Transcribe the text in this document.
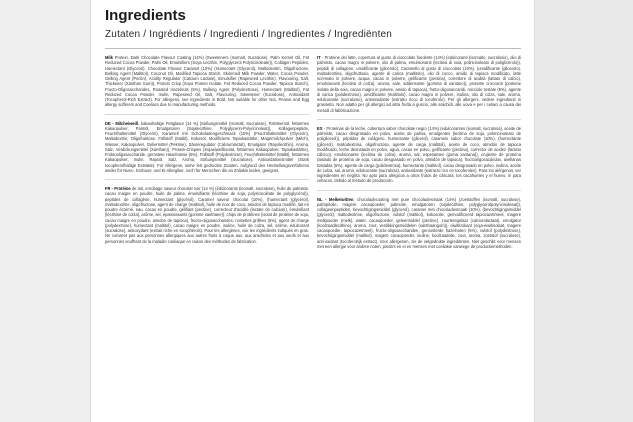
Ingredients
Zutaten / Ingrédients / Ingredienti / Ingredientes / Ingrediënten

Milk Protein, Dark Chocolate Flavour Coating (14%) (Sweeteners (Isomalt, Sucralose), Palm Kernel Oil, Fat Reduced Cocoa Powder, Palm Oil, Emulsifiers (Soya Lecithin, Polyglycerol Polyricinoleate)), Collagen Peptides, Humectant (Glycerol), Chocolate Flavour Caramel (10%) (Humectant (Glycerol), Maltodextrin, Oligofructose, Bulking Agent (Maltitol), Coconut Oil, Modified Tapioca Starch, Skimmed Milk Powder, Water, Cocoa Powder, Gelling Agent (Pectin), Acidity Regulator (Calcium Lactate), Emulsifier (Rapeseed Lecithin), Flavouring, Salt, Thickener (Xanthan Gum)), Protein Crisp (Soya Protein Isolate, Fat Reduced Cocoa Powder, Tapioca Starch), Fructo-Oligosaccharides, Roasted Hazelnuts (5%), Bulking Agent (Polydextrose), Humectant (Maltitol), Fat Reduced Cocoa Powder, Inulin, Rapeseed Oil, Salt, Flavouring, Sweetener (Sucralose), Antioxidant (Tocopherol-Rich Extract). For allergens, see ingredients in Bold. Not suitable for other Nut, Peanut and Egg allergy sufferers and Coeliacs due to manufacturing methods.

DE - Milcheiweiß, kakaohaltige Fettglasur (14 %) (Süßungsmittel (Isomalt, Sucralose), Palmkernöl, fettarmes Kakaopulver, Palmöl, Emulgatoren (Sojalecithine, Polyglycerin-Polyricinoleat)), Kollagenpeptide, Feuchthaltemittel (Glycerin), Karamell mit Schokoladengeschmack (10%) (Feuchthaltemittel (Glycerin), Maltodextrin, Oligofruktose, Füllstoff (Maltit), Kokosöl, Modifizierte Tapiokastärke, Magermilchpulver (Milch), Wasser, Kakaopulver, Geliermittel (Pektine), Säureregulator (Calciumlactat), Emulgator (Rapslecithin), Aroma, Salz, Verdickungsmittel (Xanthan)), Protein-Crispies (Sojaeiweißisolat, fettarmes Kakaopulver, Tapiokastärke), Fruktooligosaccharide, geröstete Haselnüsse (5%), Füllstoff (Polydextrose), Feuchthaltemittel (Maltit), fettarmes Kakaopulver, Inulin, Rapsöl, Salz, Aroma, Süßungsmittel (Sucralose), Antioxidationsmittel (Stark tocopherolhaltige Extrakte). Für Allergene, siehe fett gedruckte Zutaten. Aufgrund des Herstellungsverfahrens weder für Nuss-, Erdnuss- und Ei-Allergiker, noch für Menschen die an Zöliakie leiden, geeignet.

FR - Protéine de lait, enrobage saveur chocolat noir (14 %) (édulcorants (isomalt, sucralose), huile de palmiste, cacao maigre en poudre, huile de palme, émulsifiants (lécithine de soja, polyricinoléate de polyglycérol)), peptides de collagène, humectant (glycérol), Caramel saveur chocolat (10%), (humectant (glycérol), maltodextrine, oligofructose, agent de charge (maltitol), huile de noix de coco, amidon de tapioca modifié, lait en poudre écrémé, eau, cacao en poudre, gélifiant (pectine), correcteur d'acidité (lactate de calcium), émulsifiant (lécithine de colza), arôme, sel, épaississants (gomme xanthane)), chips de protéines (isolat de protéine de soja, cacao maigre en poudre, amidon de tapioca), fructo-oligosaccharides, noisettes grillées (5%), agent de charge (polydextrose), humectant (maltitol), cacao maigre en poudre, inuline, huile de colza, sel, arôme, édulcorant (sucralose), antioxydant (extrait riche en tocophérols). Pour les allergènes, voir les ingrédients indiqués en gras. Ne convient pas aux personnes allergiques aux autres fruits à coque aux, aux arachides et aux oeufs et aux personnes souffrant de la maladie coeliaque en raison des méthodes de fabrication.

IT - Proteine del latte, copertura al gusto di cioccolato fondente (14%) (edulcoranti (isomalto, sucralosio), olio di palmisto, cacao magro in polvere, olio di palma, emulsionanti (lecitina di soia, poliricinoleato di poliglicerolo)), peptidi di collagene, umidificante (glicerolo), Caramello al gusto di cioccolato (10%), (umidificante (glicerolo), maltodestrina, oligofruttosio, agente di carica (maltitolo), olio di cocco, amido di tapioca modificato, latte scremato in polvere, acqua, cacao in polvere, gelificante (pectina), correttore di acidità (lattato di calcio), emulsionanti (lecitina di colza), aroma, sale, addensante (gomma di xantano)), proteine croccanti (proteine isolate della soia, cacao magro in polvere, amido di tapioca), frutto-oligosaccaridi, nocciole tostate (5%), agente di carica (polidestrosio), umidificante (maltitolo), cacao magro in polvere, inulina, olio di colza, sale, aroma, edulcorante (sucralosio), antiossidante (estratto ricco di tocoferolo). Per gli allergeni, vedere ingredienti in grassetto. Non adatto per gli allergici ad altra frutta a guscio, alle arachidi, alle uova e per i celiaci a causa dei metodi di fabbricazione.

ES - Proteínas de la leche, cobertura sabor chocolate negro (14%) (edulcorantes (isomalt, sucralosa), aceite de palmiste, cacao desgrasado en polvo, aceite de palma, emulgentes (lecitina de soja, polirricinoleato de poliglicerol)), péptidos de colágeno, humectante (glicerol), caramelo sabor chocolate (10%), (humectante (glicerol), maltodextrina, oligofructosa, agente de carga (maltitol), aceite de coco, almidón de tapioca modificado, leche desnatada en polvo, agua, cacao en polvo, gelificante (pectina), corrector de acidez (lactato cálcico), emulsionante (lecitina de colza), aroma, sal, espesantes (goma xantana)), crujiente de proteína (aislado de proteína de soja, cacao desgrasado en polvo, almidón de tapioca), fructooligosacáridos, avellanas tostadas (5%), agente de carga (polidextrosa), humectante (maltitol), cacao desgrasado en polvo, inulina, aceite de colza, sal, aroma, edulcorante (sucralosa), antioxidante (extracto rico en tocoferoles). Para los alérgenos, ver ingredientes en negrita. No apto para alérgicos a otros frutos de cáscara, los cacahuetes y el huevo, ni para celíacos, debido al método de producción.

NL - Melkeiwitten, chocoladecoating met pure chocoladesmaak (14%) (zoetstoffen (isomalt, sucralose), palmpitolie, magere cacaopoeder, palmolie, emulgatoren (sojalecithine, polyglycerolpolyricinoleaat)), collageenpeptiden, bevochtigingsmiddel (glycerol), caramel met chocoladesmaak (10%), (bevochtigingsmiddel (glycerol), maltodextrine, oligofructose, vulstof (maltitol), kokosolie, gemodificeerd tapiocazetmeel, magere melkpoeder (melk), water, cacaopoeder, geleermiddel (pectine), zuurteregelaar (calciumlactaat), emulgator (koolzaadlecithine), aroma, zout, verdikkingsmiddelen (xanthaangom)), eiwitkrokant (soja-eiwitisolaat, magere cacaopoeder, tapiocazetmeel), fructo-oligosacchariden, geroosterde hazelnoten (5%), vulstof (polydextrose), bevochtigingsmiddel (maltitol), magere cacaopoeder, inuline, koolzaadolie, zout, aroma, zoetstof (sucralose), anti-oxidant (tocoferolrijk extract). Voor allergenen, zie de vetgedrukte ingrediënten. Niet geschikt voor mensen met een allergie voor andere noten, pinda's en ei en mensen met coeliakie vanwege de productiemethoden.
